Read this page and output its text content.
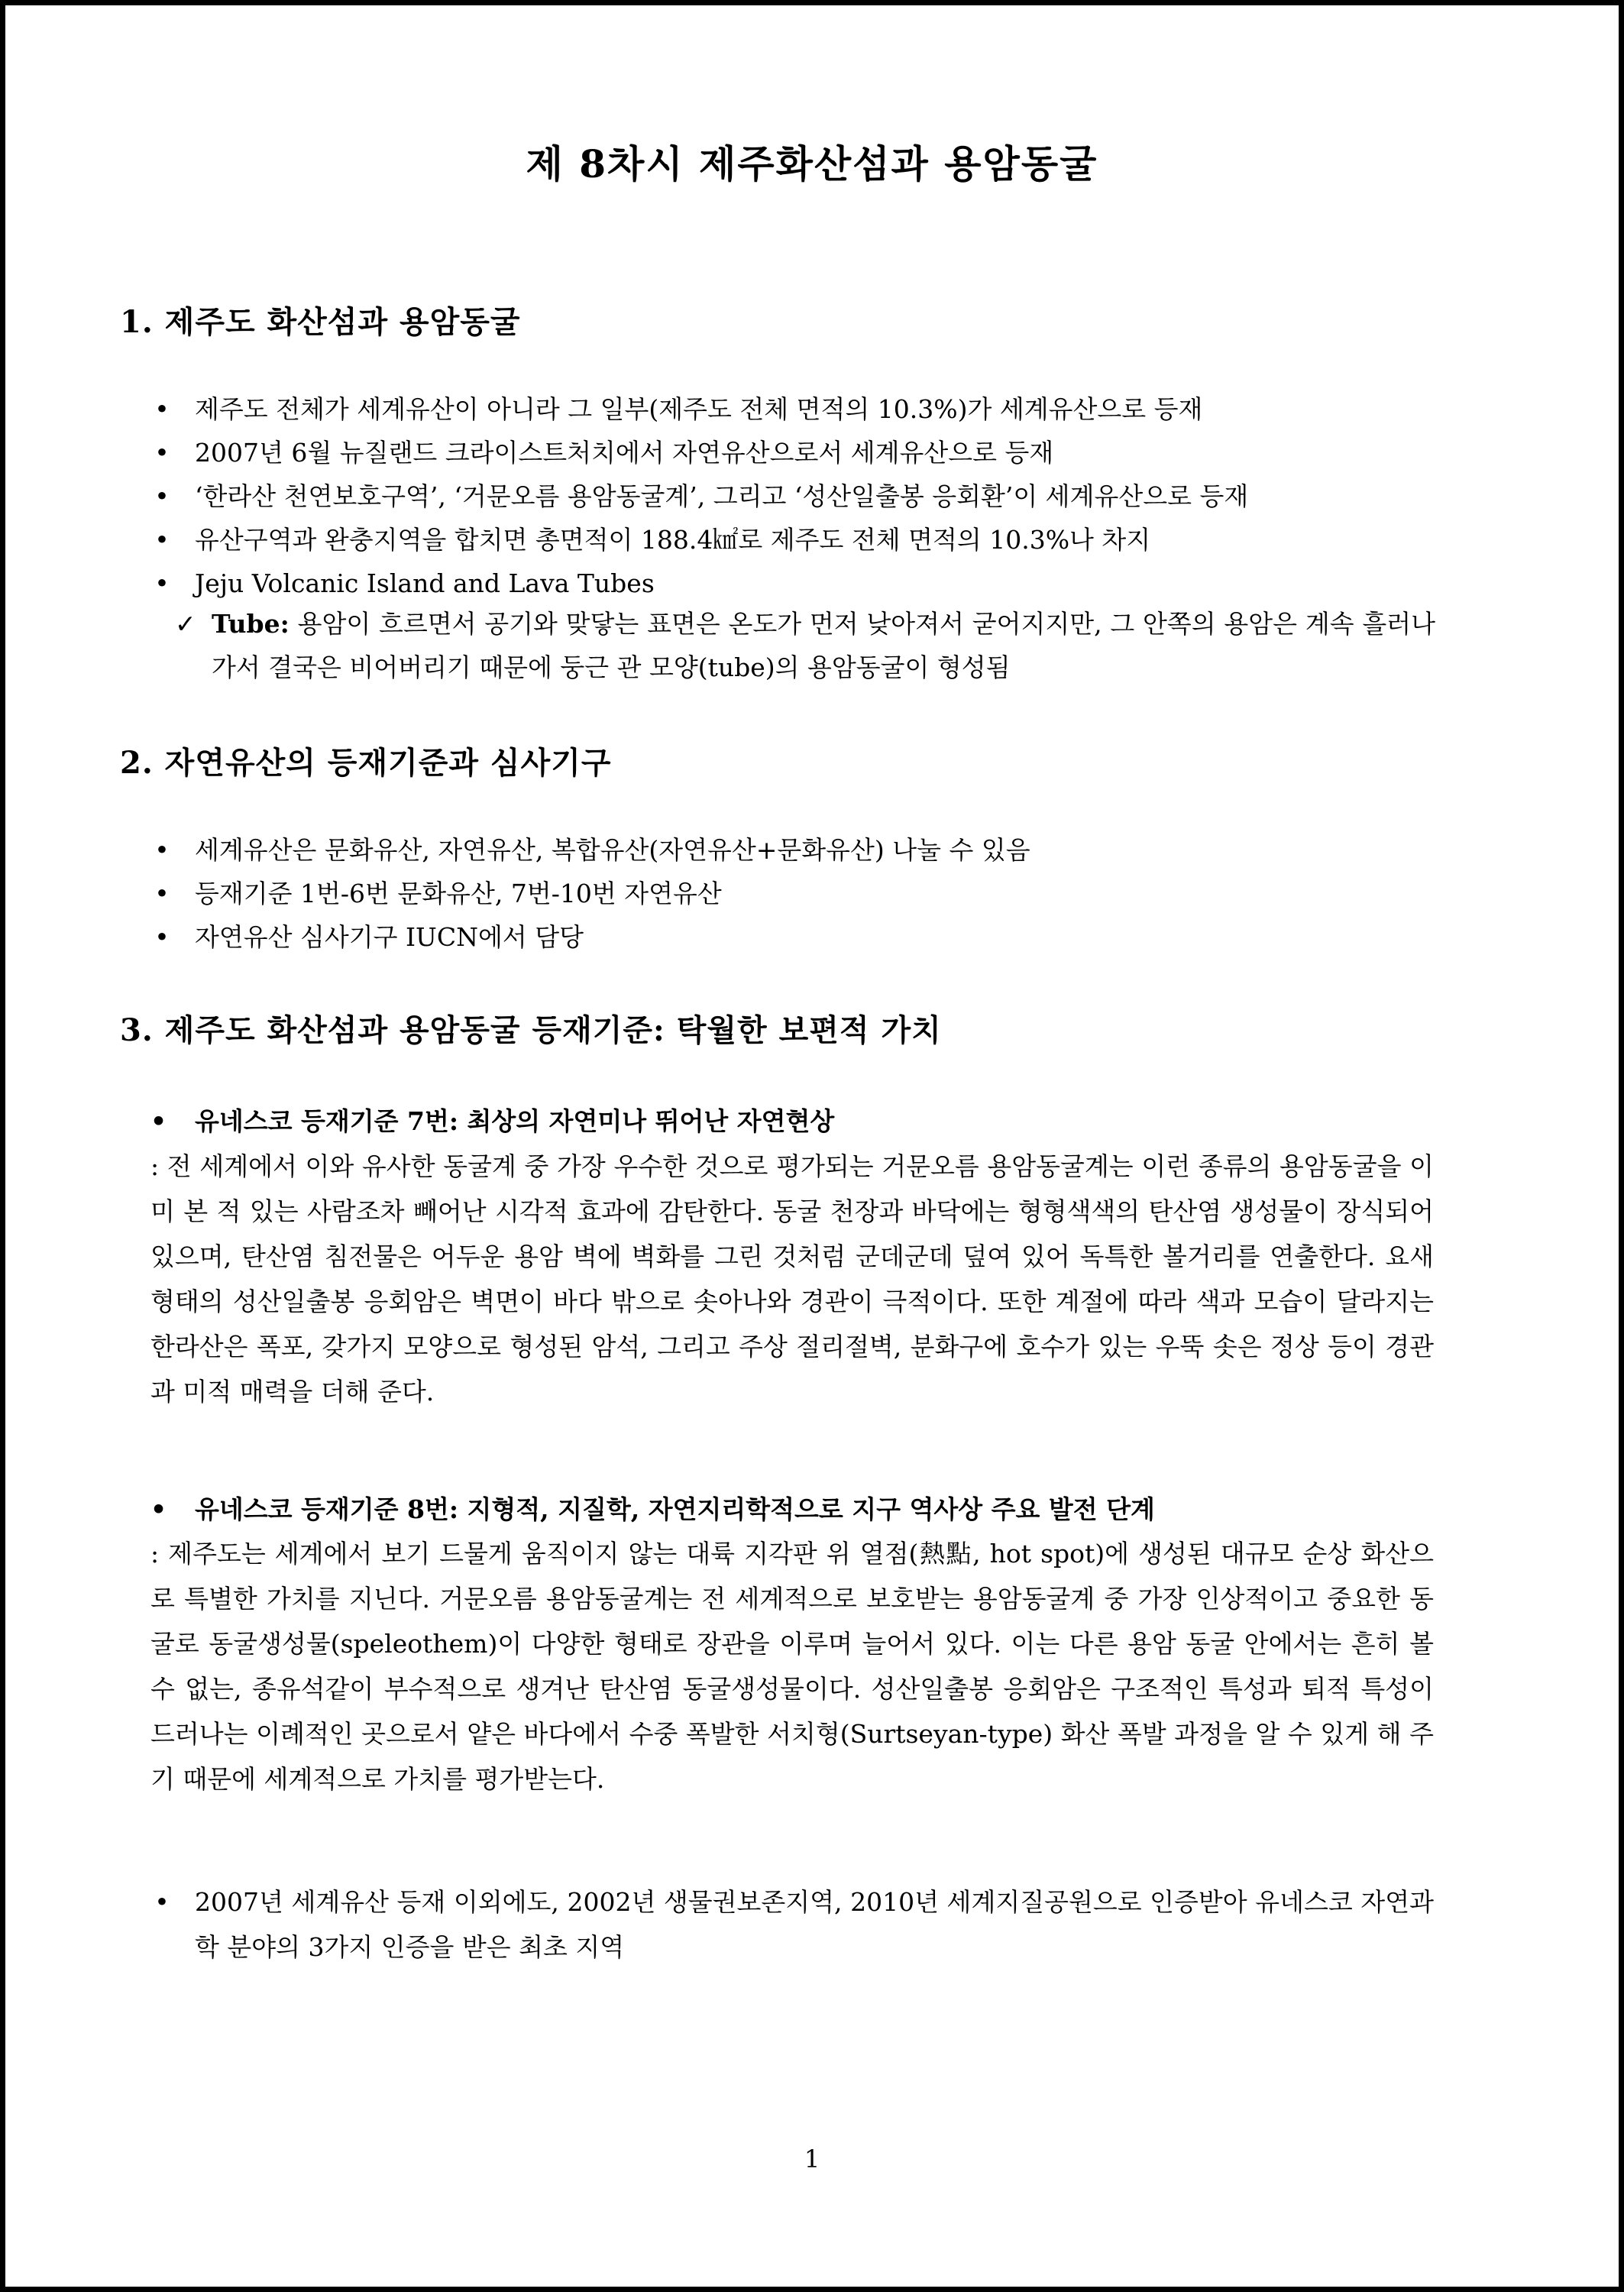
제 8차시 제주화산섬과 용암동굴
1. 제주도 화산섬과 용암동굴
• 제주도 전체가 세계유산이 아니라 그 일부(제주도 전체 면적의 10.3%)가 세계유산으로 등재
• 2007년 6월 뉴질랜드 크라이스트처치에서 자연유산으로서 세계유산으로 등재
• ‘한라산 천연보호구역’, ‘거문오름 용암동굴계’, 그리고 ‘성산일출봉 응회환’이 세계유산으로 등재
• 유산구역과 완충지역을 합치면 총면적이 188.4㎢로 제주도 전체 면적의 10.3%나 차지
• Jeju Volcanic Island and Lava Tubes
✓ Tube: 용암이 흐르면서 공기와 맞닿는 표면은 온도가 먼저 낮아져서 굳어지지만, 그 안쪽의 용암은 계속 흘러나가서 결국은 비어버리기 때문에 둥근 관 모양(tube)의 용암동굴이 형성됨
2. 자연유산의 등재기준과 심사기구
• 세계유산은 문화유산, 자연유산, 복합유산(자연유산+문화유산) 나눌 수 있음
• 등재기준 1번-6번 문화유산, 7번-10번 자연유산
• 자연유산 심사기구 IUCN에서 담당
3. 제주도 화산섬과 용암동굴 등재기준: 탁월한 보편적 가치
• 유네스코 등재기준 7번: 최상의 자연미나 뛰어난 자연현상

: 전 세계에서 이와 유사한 동굴계 중 가장 우수한 것으로 평가되는 거문오름 용암동굴계는 이런 종류의 용암동굴을 이미 본 적 있는 사람조차 빼어난 시각적 효과에 감탄한다. 동굴 천장과 바닥에는 형형색색의 탄산염 생성물이 장식되어 있으며, 탄산염 침전물은 어두운 용암 벽에 벽화를 그린 것처럼 군데군데 덮여 있어 독특한 볼거리를 연출한다. 요새 형태의 성산일출봉 응회암은 벽면이 바다 밖으로 솟아나와 경관이 극적이다. 또한 계절에 따라 색과 모습이 달라지는 한라산은 폭포, 갖가지 모양으로 형성된 암석, 그리고 주상 절리절벽, 분화구에 호수가 있는 우뚝 솟은 정상 등이 경관과 미적 매력을 더해 준다.

• 유네스코 등재기준 8번: 지형적, 지질학, 자연지리학적으로 지구 역사상 주요 발전 단계

: 제주도는 세계에서 보기 드물게 움직이지 않는 대륙 지각판 위 열점(熱點, hot spot)에 생성된 대규모 순상 화산으로 특별한 가치를 지닌다. 거문오름 용암동굴계는 전 세계적으로 보호받는 용암동굴계 중 가장 인상적이고 중요한 동굴로 동굴생성물(speleothem)이 다양한 형태로 장관을 이루며 늘어서 있다. 이는 다른 용암 동굴 안에서는 흔히 볼 수 없는, 종유석같이 부수적으로 생겨난 탄산염 동굴생성물이다. 성산일출봉 응회암은 구조적인 특성과 퇴적 특성이 드러나는 이례적인 곳으로서 얕은 바다에서 수중 폭발한 서치형(Surtseyan-type) 화산 폭발 과정을 알 수 있게 해 주기 때문에 세계적으로 가치를 평가받는다.

• 2007년 세계유산 등재 이외에도, 2002년 생물권보존지역, 2010년 세계지질공원으로 인증받아 유네스코 자연과학 분야의 3가지 인증을 받은 최초 지역
1
